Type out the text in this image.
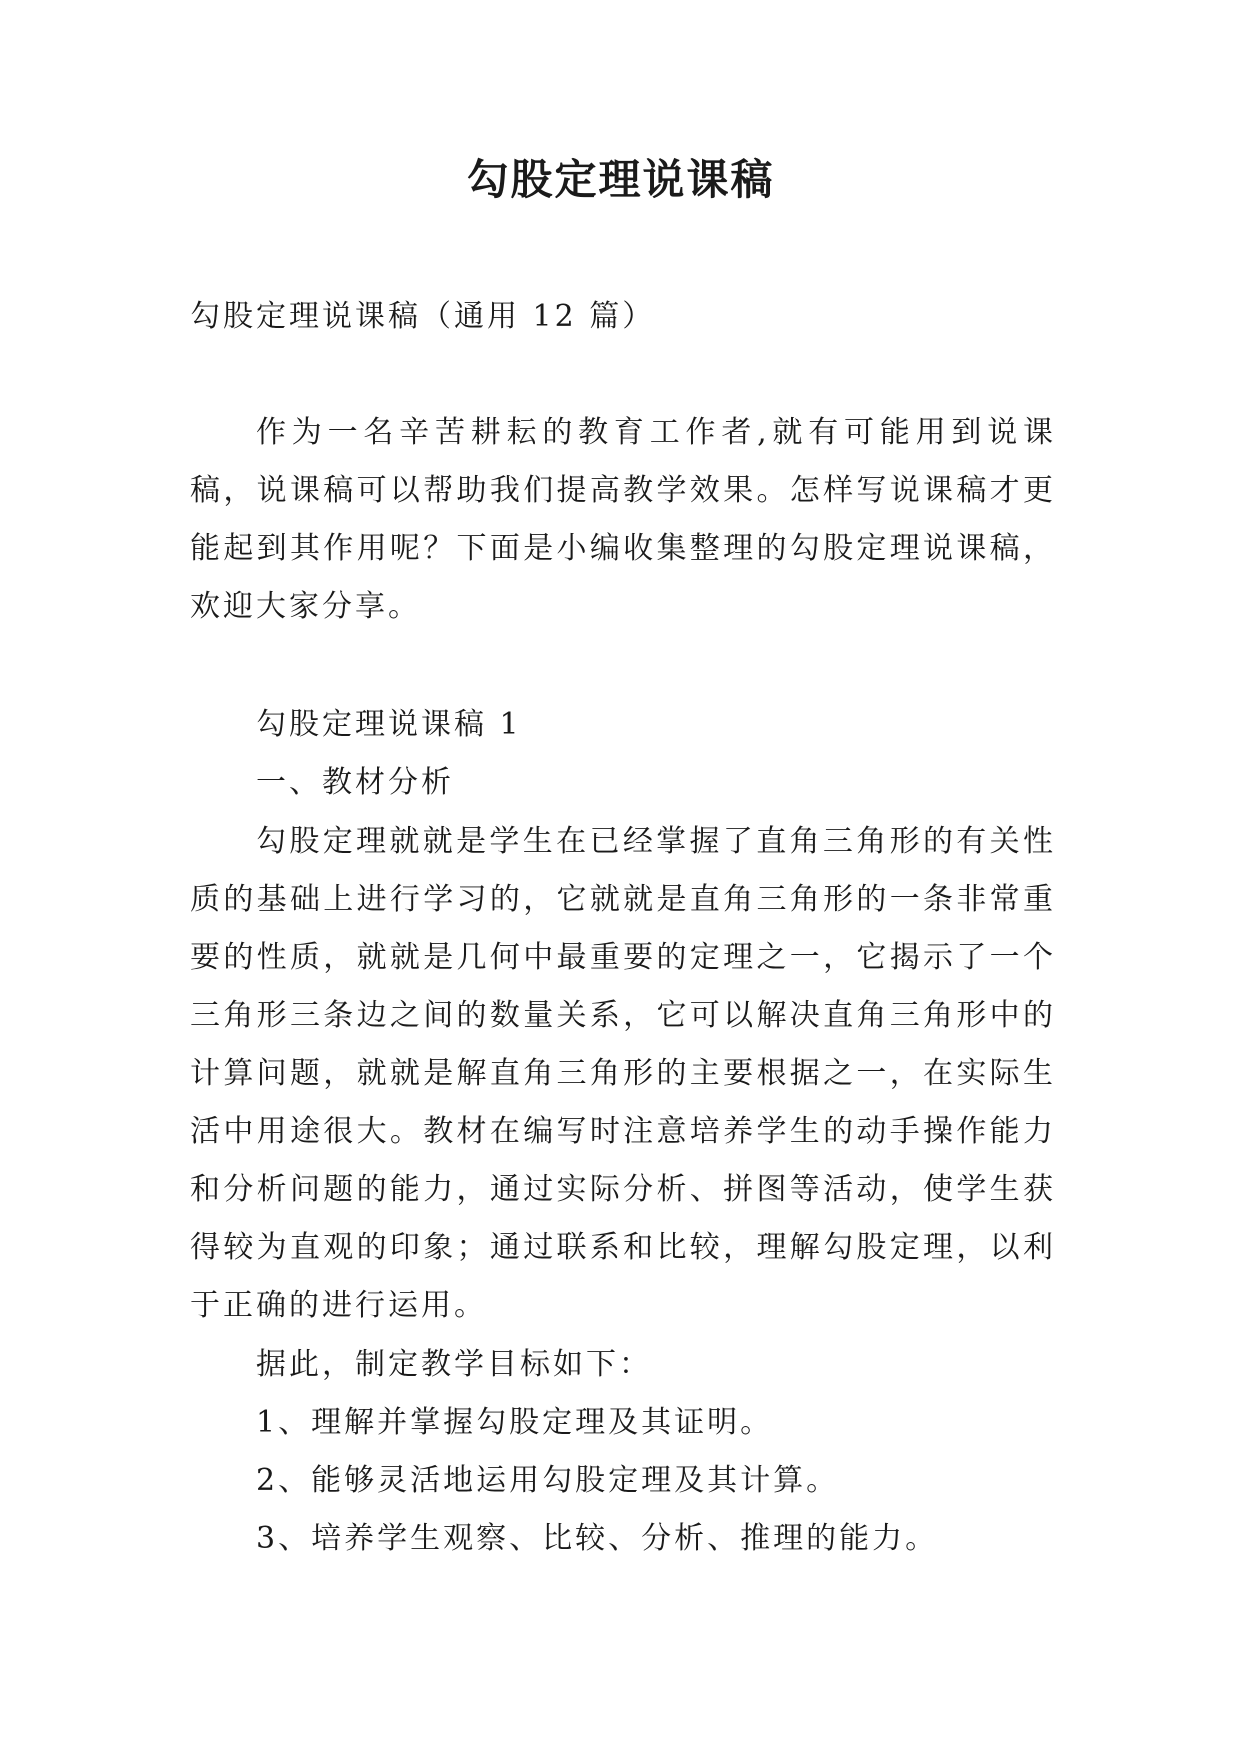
勾股定理说课稿
勾股定理说课稿（通用 12 篇）
作为一名辛苦耕耘的教育工作者,就有可能用到说课稿，说课稿可以帮助我们提高教学效果。怎样写说课稿才更能起到其作用呢？下面是小编收集整理的勾股定理说课稿，欢迎大家分享。
勾股定理说课稿 1
一、教材分析
勾股定理就就是学生在已经掌握了直角三角形的有关性质的基础上进行学习的，它就就是直角三角形的一条非常重要的性质，就就是几何中最重要的定理之一，它揭示了一个三角形三条边之间的数量关系，它可以解决直角三角形中的计算问题，就就是解直角三角形的主要根据之一，在实际生活中用途很大。教材在编写时注意培养学生的动手操作能力和分析问题的能力，通过实际分析、拼图等活动，使学生获得较为直观的印象；通过联系和比较，理解勾股定理，以利于正确的进行运用。
据此，制定教学目标如下：
1、理解并掌握勾股定理及其证明。
2、能够灵活地运用勾股定理及其计算。
3、培养学生观察、比较、分析、推理的能力。
